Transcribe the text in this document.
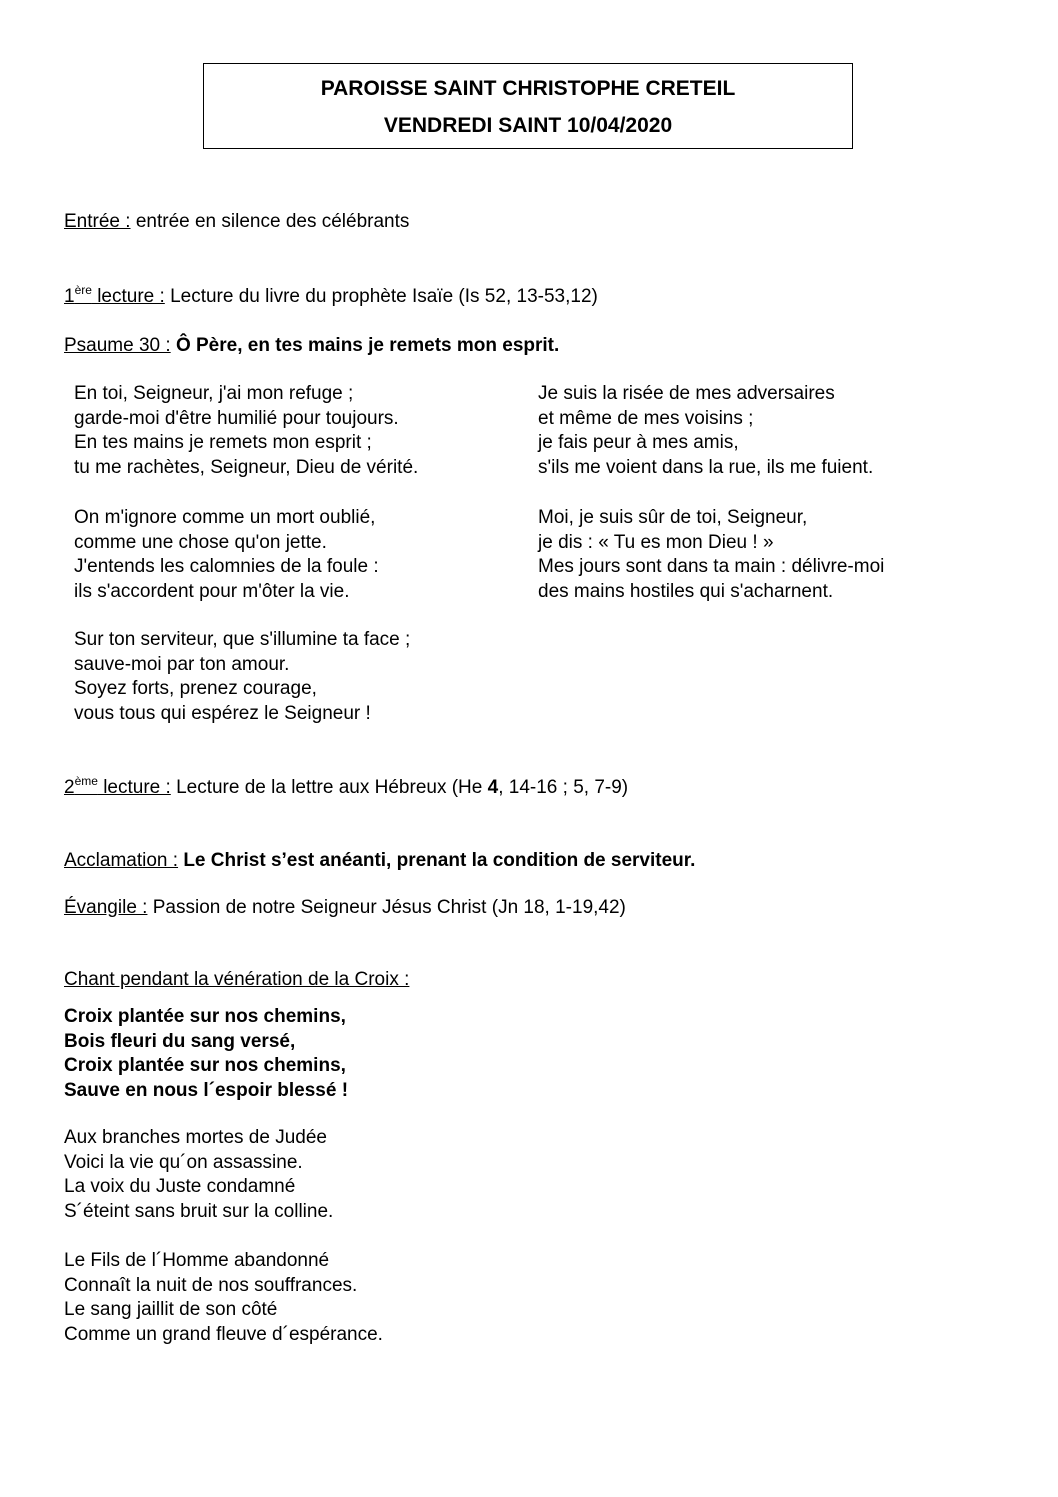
PAROISSE SAINT CHRISTOPHE CRETEIL
VENDREDI SAINT 10/04/2020
Entrée : entrée en silence des célébrants
1ère lecture : Lecture du livre du prophète Isaïe (Is 52, 13-53,12)
Psaume 30 : Ô Père, en tes mains je remets mon esprit.
En toi, Seigneur, j'ai mon refuge ;
garde-moi d'être humilié pour toujours.
En tes mains je remets mon esprit ;
tu me rachètes, Seigneur, Dieu de vérité.
On m'ignore comme un mort oublié,
comme une chose qu'on jette.
J'entends les calomnies de la foule :
ils s'accordent pour m'ôter la vie.
Sur ton serviteur, que s'illumine ta face ;
sauve-moi par ton amour.
Soyez forts, prenez courage,
vous tous qui espérez le Seigneur !
Je suis la risée de mes adversaires
et même de mes voisins ;
je fais peur à mes amis,
s'ils me voient dans la rue, ils me fuient.
Moi, je suis sûr de toi, Seigneur,
je dis : « Tu es mon Dieu ! »
Mes jours sont dans ta main : délivre-moi
des mains hostiles qui s'acharnent.
2ème lecture : Lecture de la lettre aux Hébreux (He 4, 14-16 ; 5, 7-9)
Acclamation : Le Christ s’est anéanti, prenant la condition de serviteur.
Évangile : Passion de notre Seigneur Jésus Christ (Jn 18, 1-19,42)
Chant pendant la vénération de la Croix :
Croix plantée sur nos chemins,
Bois fleuri du sang versé,
Croix plantée sur nos chemins,
Sauve en nous l´espoir blessé !
Aux branches mortes de Judée
Voici la vie qu´on assassine.
La voix du Juste condamné
S´éteint sans bruit sur la colline.
Le Fils de l´Homme abandonné
Connaît la nuit de nos souffrances.
Le sang jaillit de son côté
Comme un grand fleuve d´espérance.
